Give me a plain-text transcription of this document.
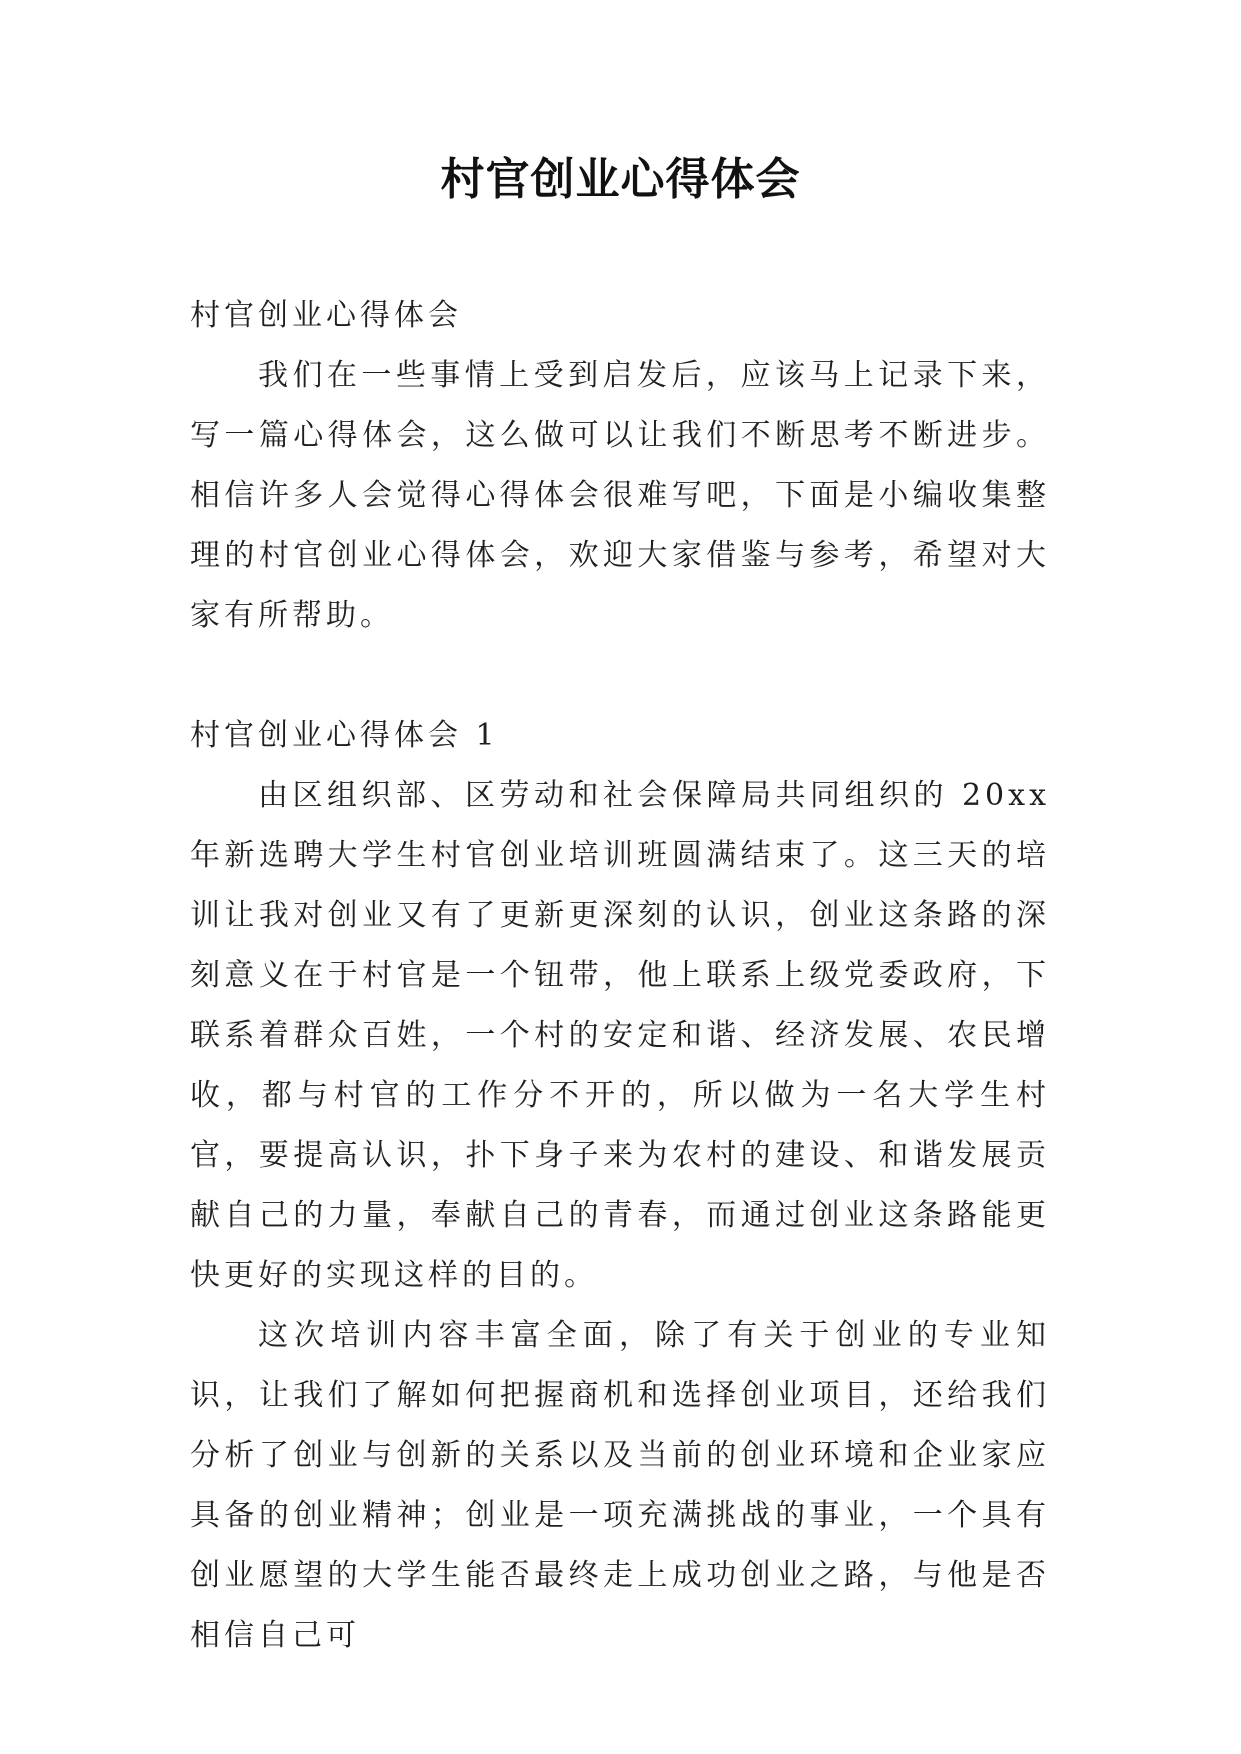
村官创业心得体会

村官创业心得体会

我们在一些事情上受到启发后，应该马上记录下来，写一篇心得体会，这么做可以让我们不断思考不断进步。相信许多人会觉得心得体会很难写吧，下面是小编收集整理的村官创业心得体会，欢迎大家借鉴与参考，希望对大家有所帮助。

村官创业心得体会 1

由区组织部、区劳动和社会保障局共同组织的 20xx 年新选聘大学生村官创业培训班圆满结束了。这三天的培训让我对创业又有了更新更深刻的认识，创业这条路的深刻意义在于村官是一个钮带，他上联系上级党委政府，下联系着群众百姓，一个村的安定和谐、经济发展、农民增收，都与村官的工作分不开的，所以做为一名大学生村官，要提高认识，扑下身子来为农村的建设、和谐发展贡献自己的力量，奉献自己的青春，而通过创业这条路能更快更好的实现这样的目的。

这次培训内容丰富全面，除了有关于创业的专业知识，让我们了解如何把握商机和选择创业项目，还给我们分析了创业与创新的关系以及当前的创业环境和企业家应具备的创业精神；创业是一项充满挑战的事业，一个具有创业愿望的大学生能否最终走上成功创业之路，与他是否相信自己可
